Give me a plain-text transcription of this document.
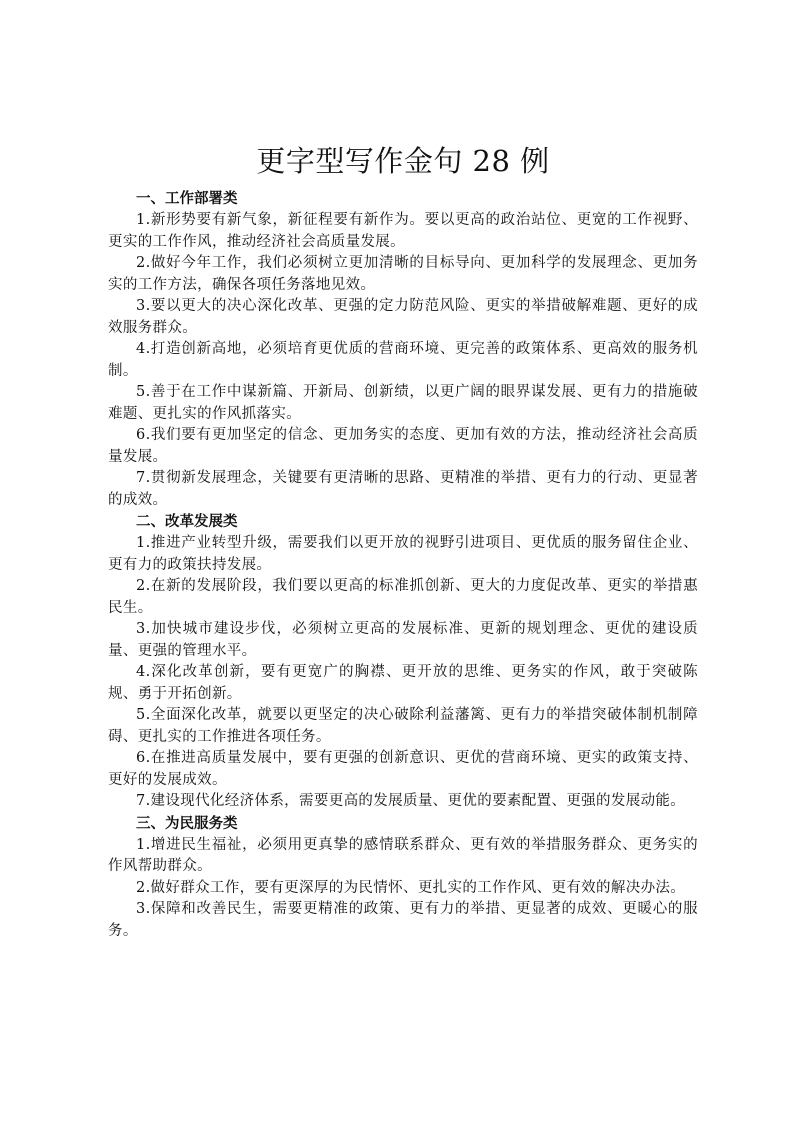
更字型写作金句 28 例

一、工作部署类

1.新形势要有新气象，新征程要有新作为。要以更高的政治站位、更宽的工作视野、更实的工作作风，推动经济社会高质量发展。

2.做好今年工作，我们必须树立更加清晰的目标导向、更加科学的发展理念、更加务实的工作方法，确保各项任务落地见效。

3.要以更大的决心深化改革、更强的定力防范风险、更实的举措破解难题、更好的成效服务群众。

4.打造创新高地，必须培育更优质的营商环境、更完善的政策体系、更高效的服务机制。

5.善于在工作中谋新篇、开新局、创新绩，以更广阔的眼界谋发展、更有力的措施破难题、更扎实的作风抓落实。

6.我们要有更加坚定的信念、更加务实的态度、更加有效的方法，推动经济社会高质量发展。

7.贯彻新发展理念，关键要有更清晰的思路、更精准的举措、更有力的行动、更显著的成效。

二、改革发展类

1.推进产业转型升级，需要我们以更开放的视野引进项目、更优质的服务留住企业、更有力的政策扶持发展。

2.在新的发展阶段，我们要以更高的标准抓创新、更大的力度促改革、更实的举措惠民生。

3.加快城市建设步伐，必须树立更高的发展标准、更新的规划理念、更优的建设质量、更强的管理水平。

4.深化改革创新，要有更宽广的胸襟、更开放的思维、更务实的作风，敢于突破陈规、勇于开拓创新。

5.全面深化改革，就要以更坚定的决心破除利益藩篱、更有力的举措突破体制机制障碍、更扎实的工作推进各项任务。

6.在推进高质量发展中，要有更强的创新意识、更优的营商环境、更实的政策支持、更好的发展成效。

7.建设现代化经济体系，需要更高的发展质量、更优的要素配置、更强的发展动能。

三、为民服务类

1.增进民生福祉，必须用更真挚的感情联系群众、更有效的举措服务群众、更务实的作风帮助群众。

2.做好群众工作，要有更深厚的为民情怀、更扎实的工作作风、更有效的解决办法。

3.保障和改善民生，需要更精准的政策、更有力的举措、更显著的成效、更暖心的服务。
